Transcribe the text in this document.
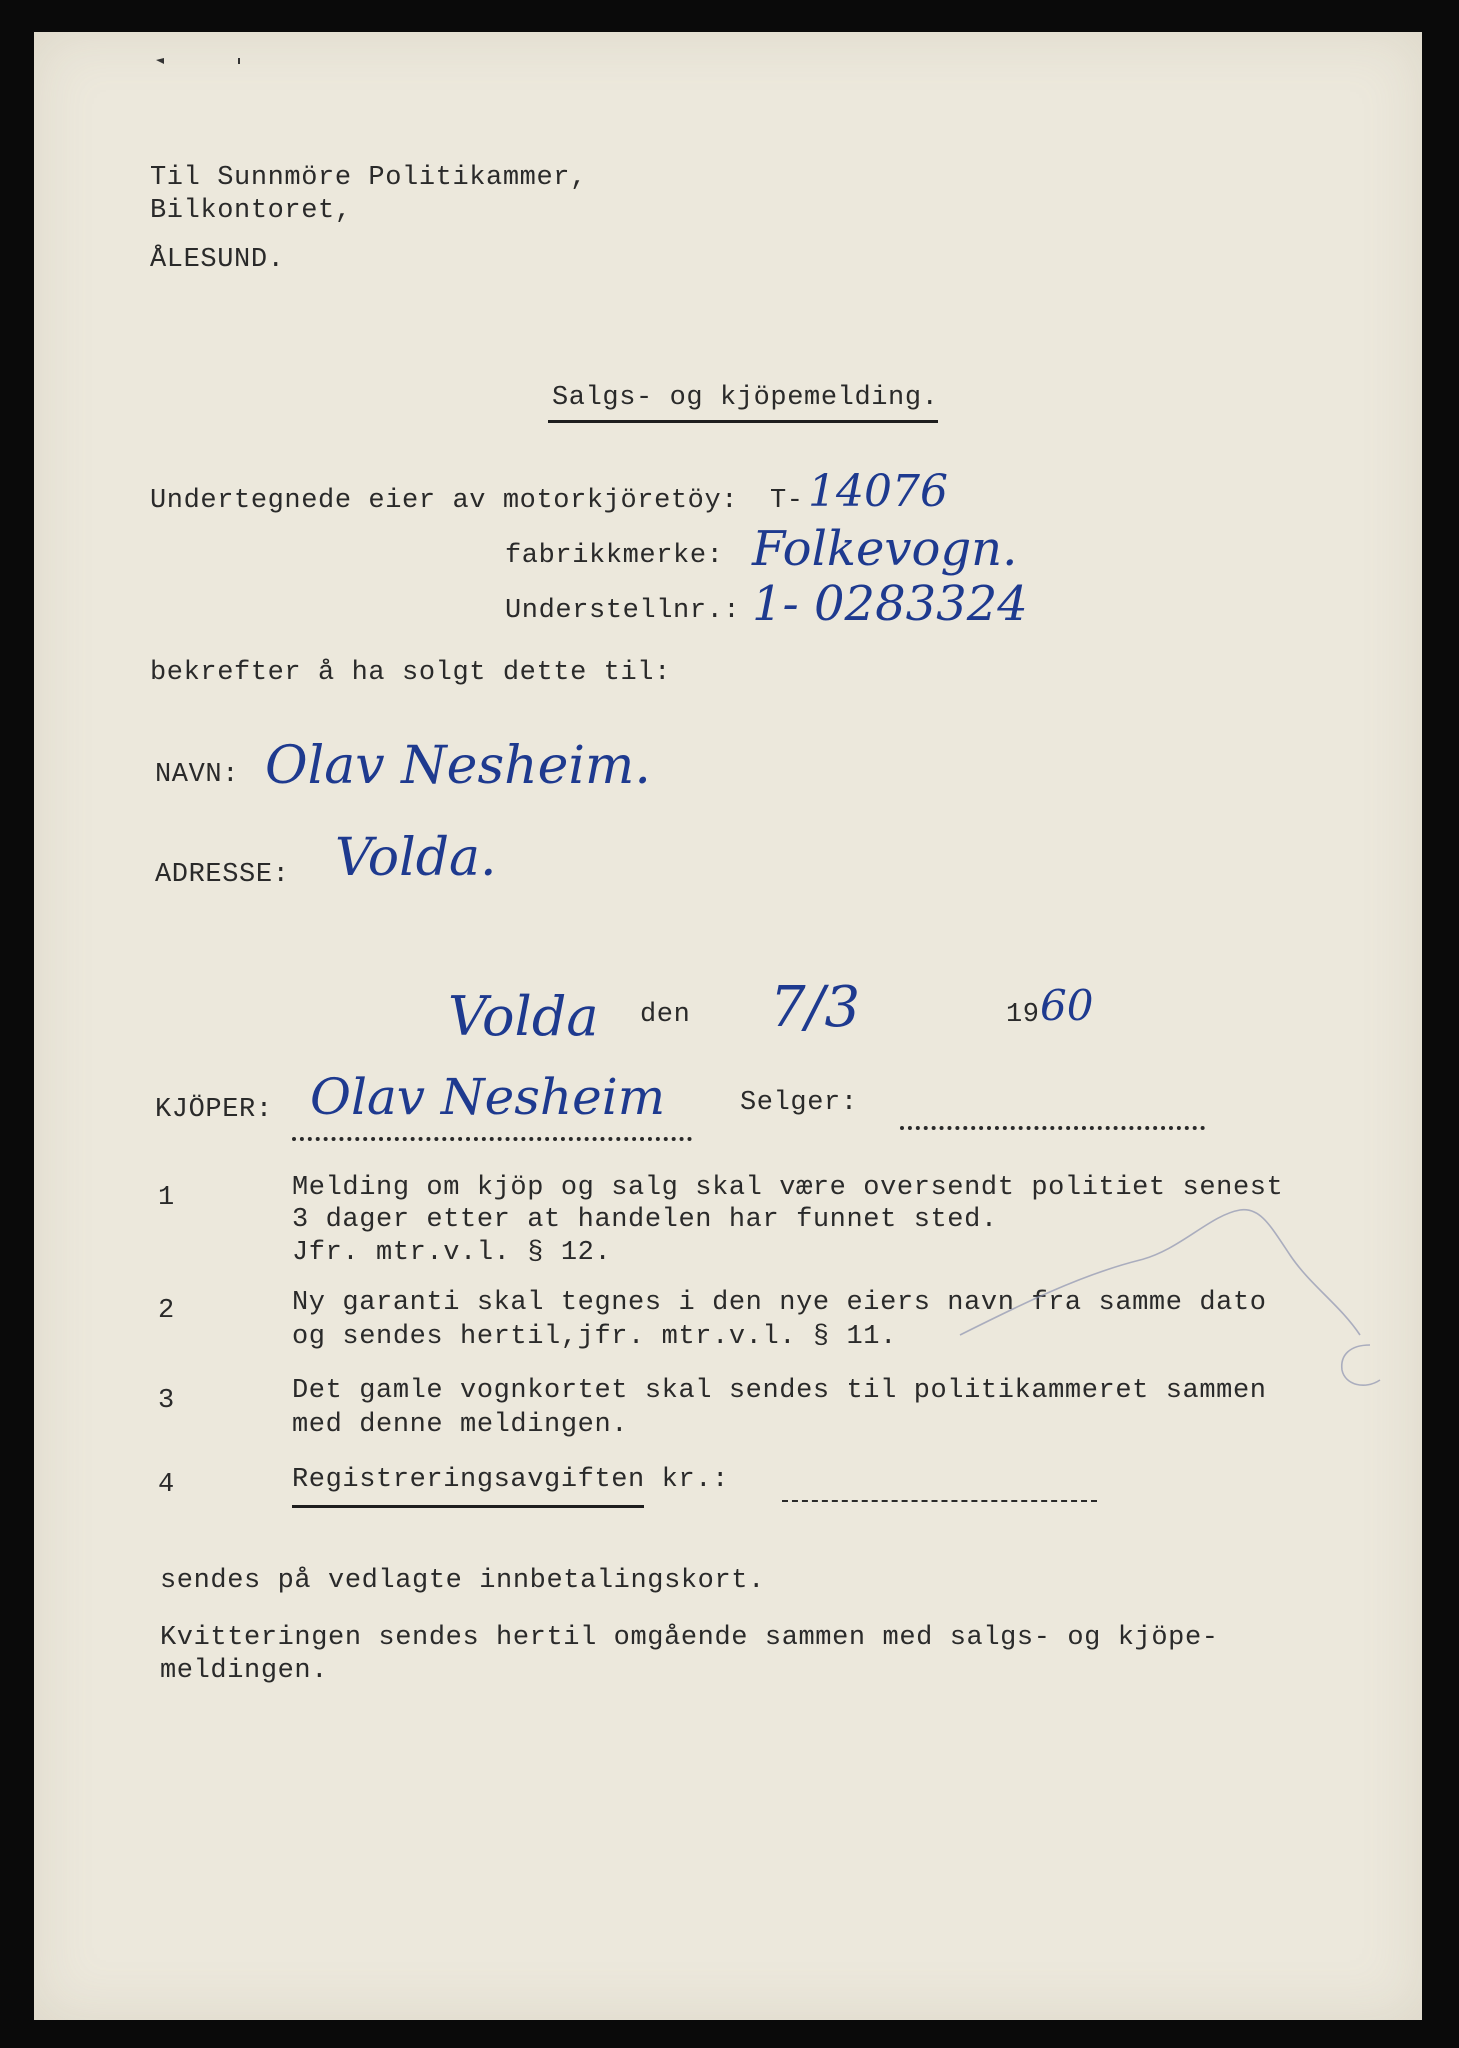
Til Sunnmöre Politikammer,
Bilkontoret,
ÅLESUND.
Salgs- og kjöpemelding.
Undertegnede eier av motorkjöretöy: T- 14076
fabrikkmerke: Folkevogn.
Understellnr.: 1- 0283324
bekrefter å ha solgt dette til:
NAVN: Olav Nesheim.
ADRESSE: Volda.
Volda den 7/3	19 60
KJÖPER: Olav Nesheim	Selger:
1	Melding om kjöp og salg skal være oversendt politiet senest
3 dager etter at handelen har funnet sted.
Jfr. mtr.v.l. § 12.
2	Ny garanti skal tegnes i den nye eiers navn fra samme dato
og sendes hertil,jfr. mtr.v.l. § 11.
3	Det gamle vognkortet skal sendes til politikammeret sammen
med denne meldingen.
4	Registreringsavgiften kr.:
sendes på vedlagte innbetalingskort.
Kvitteringen sendes hertil omgående sammen med salgs- og kjöpe-
meldingen.
